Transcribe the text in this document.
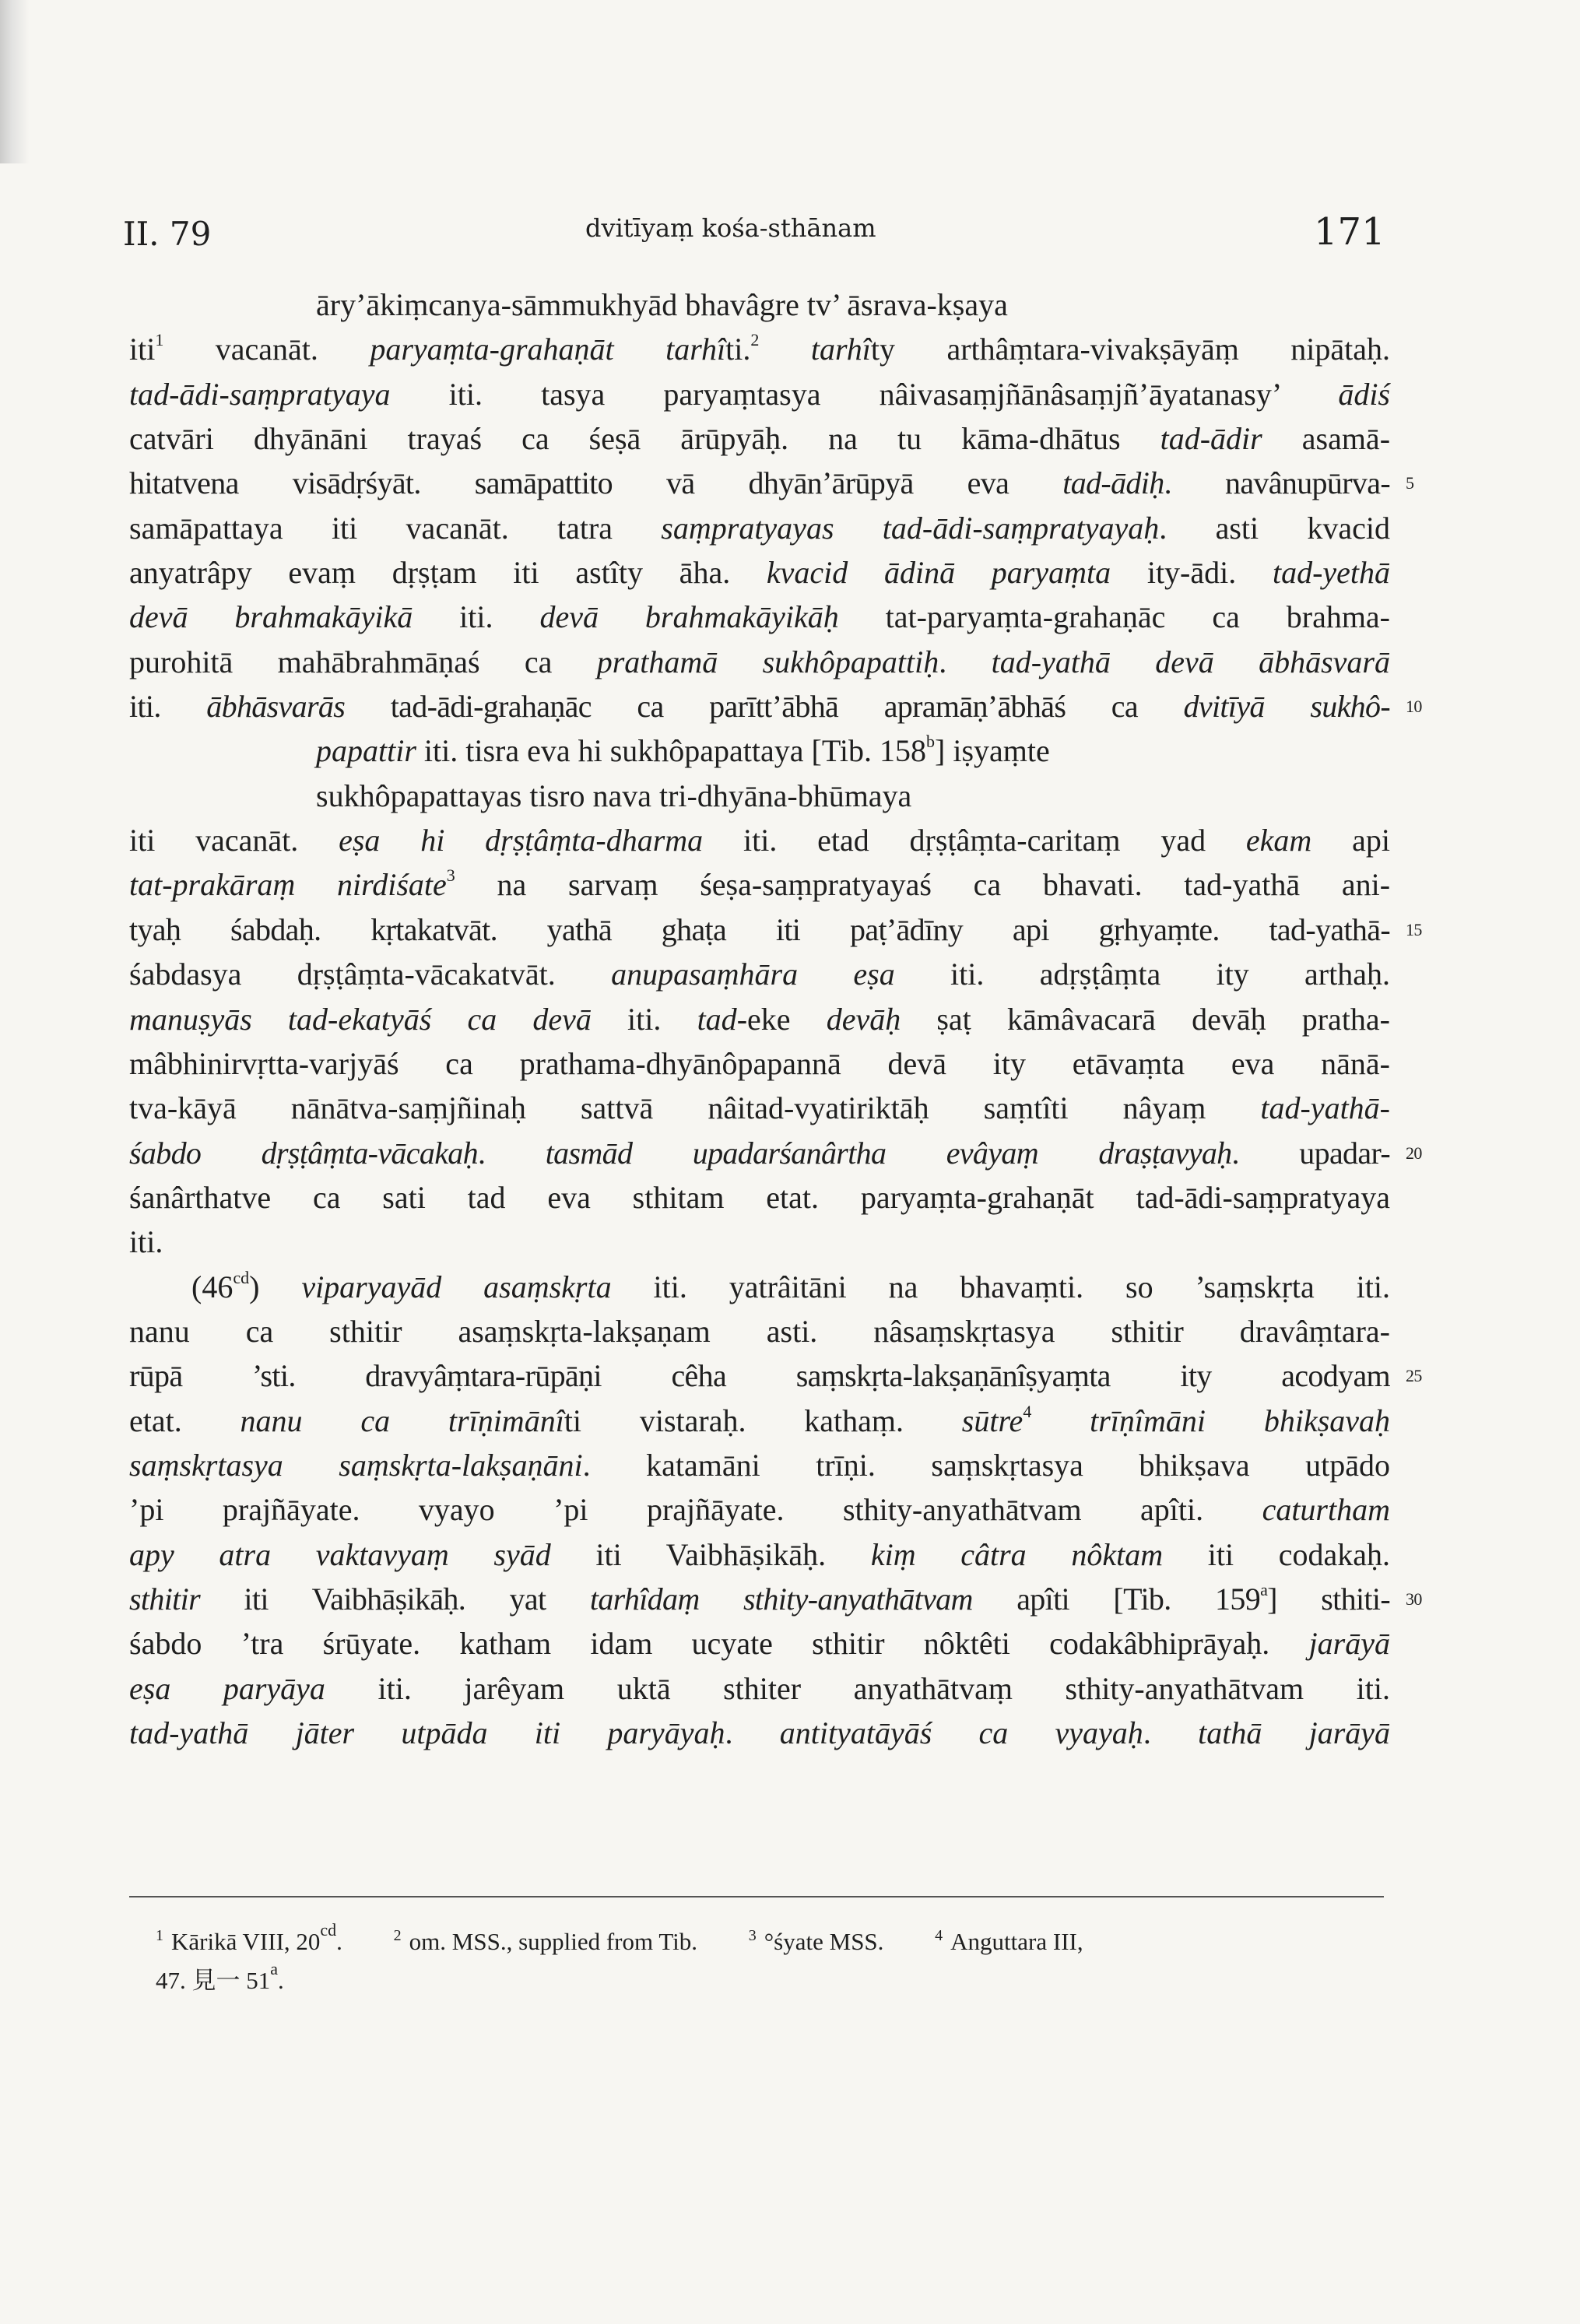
II. 79	dvitīyaṃ kośa-sthānam	171
āry’ākiṃcanya-sāmmukhyād bhavâgre tv’ āsrava-kṣaya
iti$^1$ vacanāt. paryaṃta-grahaṇāt tarhîti.$^2$ tarhîty arthâṃtara-vivakṣāyāṃ nipātaḥ.
tad-ādi-saṃpratyaya iti. tasya paryaṃtasya nâivasaṃjñānâsaṃjñ’āyatanasy’ ādiś
catvāri dhyānāni trayaś ca śeṣā ārūpyāḥ. na tu kāma-dhātus tad-ādir asamā-
hitatvena visādṛśyāt. samāpattito vā dhyān’ārūpyā eva tad-ādiḥ. navânupūrva- 5
samāpattaya iti vacanāt. tatra saṃpratyayas tad-ādi-saṃpratyayaḥ. asti kvacid
anyatrâpy evaṃ dṛṣṭam iti astîty āha. kvacid ādinā paryaṃta ity-ādi. tad-yethā
devā brahmakāyikā iti. devā brahmakāyikāḥ tat-paryaṃta-grahaṇāc ca brahma-
purohitā mahābrahmāṇaś ca prathamā sukhôpapattiḥ. tad-yathā devā ābhāsvarā
iti. ābhāsvarās tad-ādi-grahaṇāc ca parītt’ābhā apramāṇ’ābhāś ca dvitīyā sukhô- 10
papattir iti. tisra eva hi sukhôpapattaya [Tib. 158$^b$] iṣyaṃte
sukhôpapattayas tisro nava tri-dhyāna-bhūmaya
iti vacanāt. eṣa hi dṛṣṭâṃta-dharma iti. etad dṛṣṭâṃta-caritaṃ yad ekam api
tat-prakāraṃ nirdiśate$^3$ na sarvaṃ śeṣa-saṃpratyayaś ca bhavati. tad-yathā ani-
tyaḥ śabdaḥ. kṛtakatvāt. yathā ghaṭa iti paṭ’ādīny api gṛhyaṃte. tad-yathā- 15
śabdasya dṛṣṭâṃta-vācakatvāt. anupasaṃhāra eṣa iti. adṛṣṭâṃta ity arthaḥ.
manuṣyās tad-ekatyāś ca devā iti. tad-eke devāḥ ṣaṭ kāmâvacarā devāḥ pratha-
mâbhinirvṛtta-varjyāś ca prathama-dhyānôpapannā devā ity etāvaṃta eva nānā-
tva-kāyā nānātva-saṃjñinaḥ sattvā nâitad-vyatiriktāḥ saṃtîti nâyaṃ tad-yathā-
śabdo dṛṣṭâṃta-vācakaḥ. tasmād upadarśanârtha evâyaṃ draṣṭavyaḥ. upadar- 20
śanârthatve ca sati tad eva sthitam etat. paryaṃta-grahaṇāt tad-ādi-saṃpratyaya
iti.
$(46^{cd})$ viparyayād asaṃskṛta iti. yatrâitāni na bhavaṃti. so ’saṃskṛta iti.
nanu ca sthitir asaṃskṛta-lakṣaṇam asti. nâsaṃskṛtasya sthitir dravâṃtara-
rūpā ’sti. dravyâṃtara-rūpāṇi cêha saṃskṛta-lakṣaṇānîṣyaṃta ity acodyam 25
etat. nanu ca trīṇimānîti vistaraḥ. kathaṃ. sūtre$^4$ trīṇîmāni bhikṣavaḥ
saṃskṛtasya saṃskṛta-lakṣaṇāni. katamāni trīṇi. saṃskṛtasya bhikṣava utpādo
’pi prajñāyate. vyayo ’pi prajñāyate. sthity-anyathātvam apîti. caturtham
apy atra vaktavyaṃ syād iti Vaibhāṣikāḥ. kiṃ câtra nôktam iti codakaḥ.
sthitir iti Vaibhāṣikāḥ. yat tarhîdaṃ sthity-anyathātvam apîti [Tib. 159$^a$] sthiti- 30
śabdo ’tra śrūyate. katham idam ucyate sthitir nôktêti codakâbhiprāyaḥ. jarāyā
eṣa paryāya iti. jarêyam uktā sthiter anyathātvaṃ sthity-anyathātvam iti.
tad-yathā jāter utpāda iti paryāyaḥ. antityatāyāś ca vyayaḥ. tathā jarāyā
$^1$ Kārikā VIII, $20^{cd}$.	$^2$ om. MSS., supplied from Tib.	$^3$ °śyate MSS.	$^4$ Anguttara III,
47. 見一 51$^a$.
